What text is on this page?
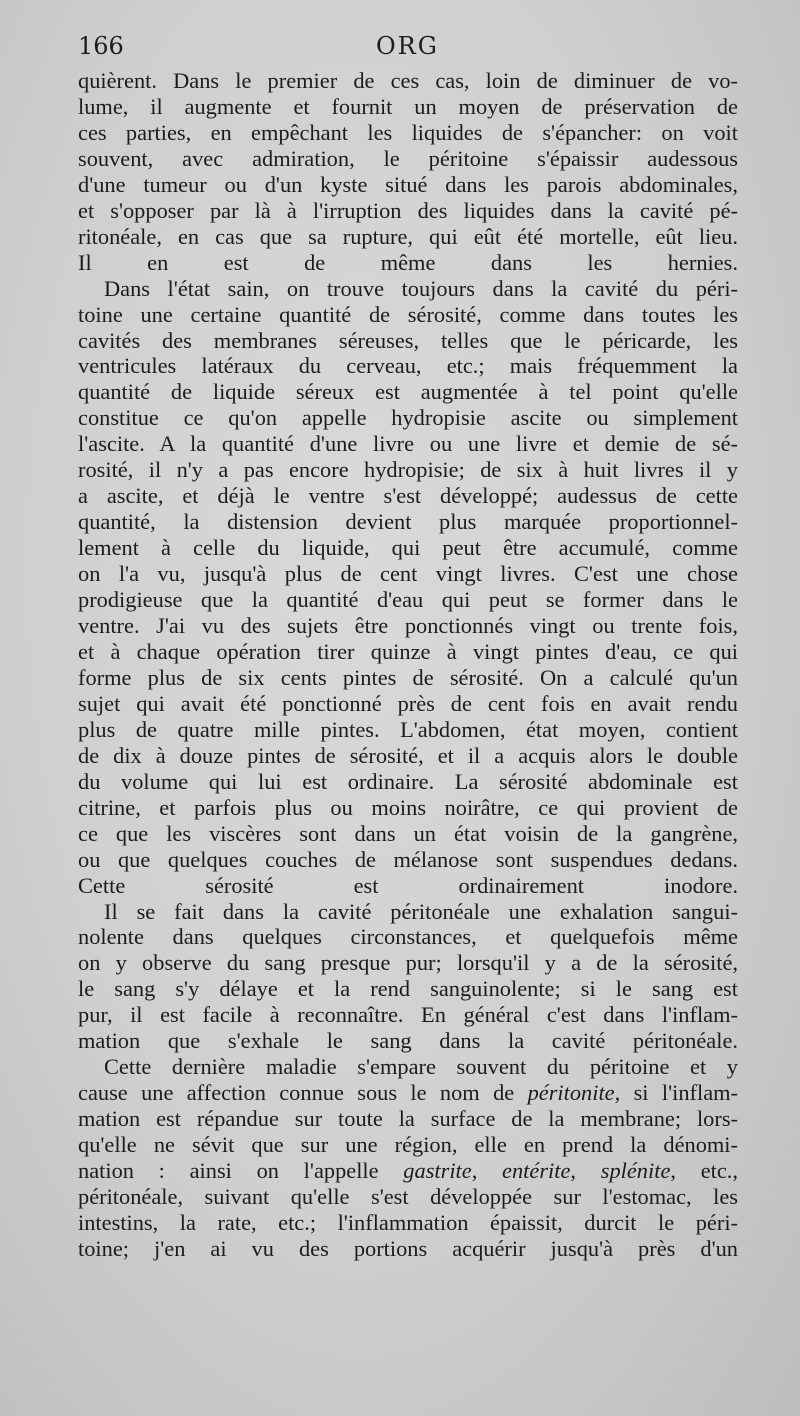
166	ORG
quièrent. Dans le premier de ces cas, loin de diminuer de vo-
lume, il augmente et fournit un moyen de préservation de
ces parties, en empêchant les liquides de s'épancher: on voit
souvent, avec admiration, le péritoine s'épaissir audessous
d'une tumeur ou d'un kyste situé dans les parois abdominales,
et s'opposer par là à l'irruption des liquides dans la cavité pé-
ritonéale, en cas que sa rupture, qui eût été mortelle, eût lieu.
Il en est de même dans les hernies.
Dans l'état sain, on trouve toujours dans la cavité du péri-
toine une certaine quantité de sérosité, comme dans toutes les
cavités des membranes séreuses, telles que le péricarde, les
ventricules latéraux du cerveau, etc.; mais fréquemment la
quantité de liquide séreux est augmentée à tel point qu'elle
constitue ce qu'on appelle hydropisie ascite ou simplement
l'ascite. A la quantité d'une livre ou une livre et demie de sé-
rosité, il n'y a pas encore hydropisie; de six à huit livres il y
a ascite, et déjà le ventre s'est développé; audessus de cette
quantité, la distension devient plus marquée proportionnel-
lement à celle du liquide, qui peut être accumulé, comme
on l'a vu, jusqu'à plus de cent vingt livres. C'est une chose
prodigieuse que la quantité d'eau qui peut se former dans le
ventre. J'ai vu des sujets être ponctionnés vingt ou trente fois,
et à chaque opération tirer quinze à vingt pintes d'eau, ce qui
forme plus de six cents pintes de sérosité. On a calculé qu'un
sujet qui avait été ponctionné près de cent fois en avait rendu
plus de quatre mille pintes. L'abdomen, état moyen, contient
de dix à douze pintes de sérosité, et il a acquis alors le double
du volume qui lui est ordinaire. La sérosité abdominale est
citrine, et parfois plus ou moins noirâtre, ce qui provient de
ce que les viscères sont dans un état voisin de la gangrène,
ou que quelques couches de mélanose sont suspendues dedans.
Cette sérosité est ordinairement inodore.
Il se fait dans la cavité péritonéale une exhalation sangui-
nolente dans quelques circonstances, et quelquefois même
on y observe du sang presque pur; lorsqu'il y a de la sérosité,
le sang s'y délaye et la rend sanguinolente; si le sang est
pur, il est facile à reconnaître. En général c'est dans l'inflam-
mation que s'exhale le sang dans la cavité péritonéale.
Cette dernière maladie s'empare souvent du péritoine et y
cause une affection connue sous le nom de péritonite, si l'inflam-
mation est répandue sur toute la surface de la membrane; lors-
qu'elle ne sévit que sur une région, elle en prend la dénomi-
nation : ainsi on l'appelle gastrite, entérite, splénite, etc.,
péritonéale, suivant qu'elle s'est développée sur l'estomac, les
intestins, la rate, etc.; l'inflammation épaissit, durcit le péri-
toine; j'en ai vu des portions acquérir jusqu'à près d'un
